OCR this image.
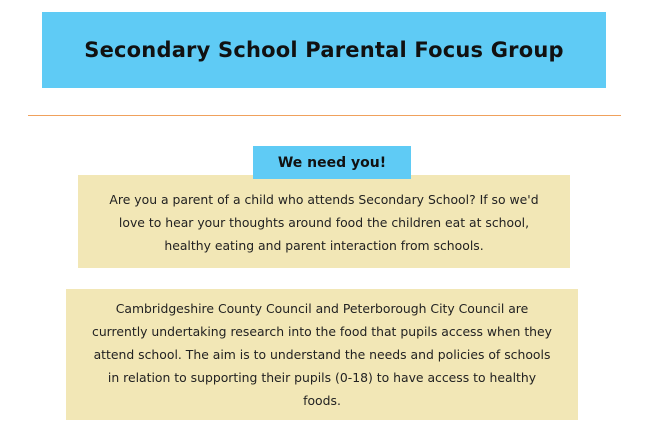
Secondary School Parental Focus Group
We need you!
Are you a parent of a child who attends Secondary School? If so we'd
love to hear your thoughts around food the children eat at school,
healthy eating and parent interaction from schools.
Cambridgeshire County Council and Peterborough City Council are
currently undertaking research into the food that pupils access when they
attend school. The aim is to understand the needs and policies of schools
in relation to supporting their pupils (0-18) to have access to healthy
foods.
